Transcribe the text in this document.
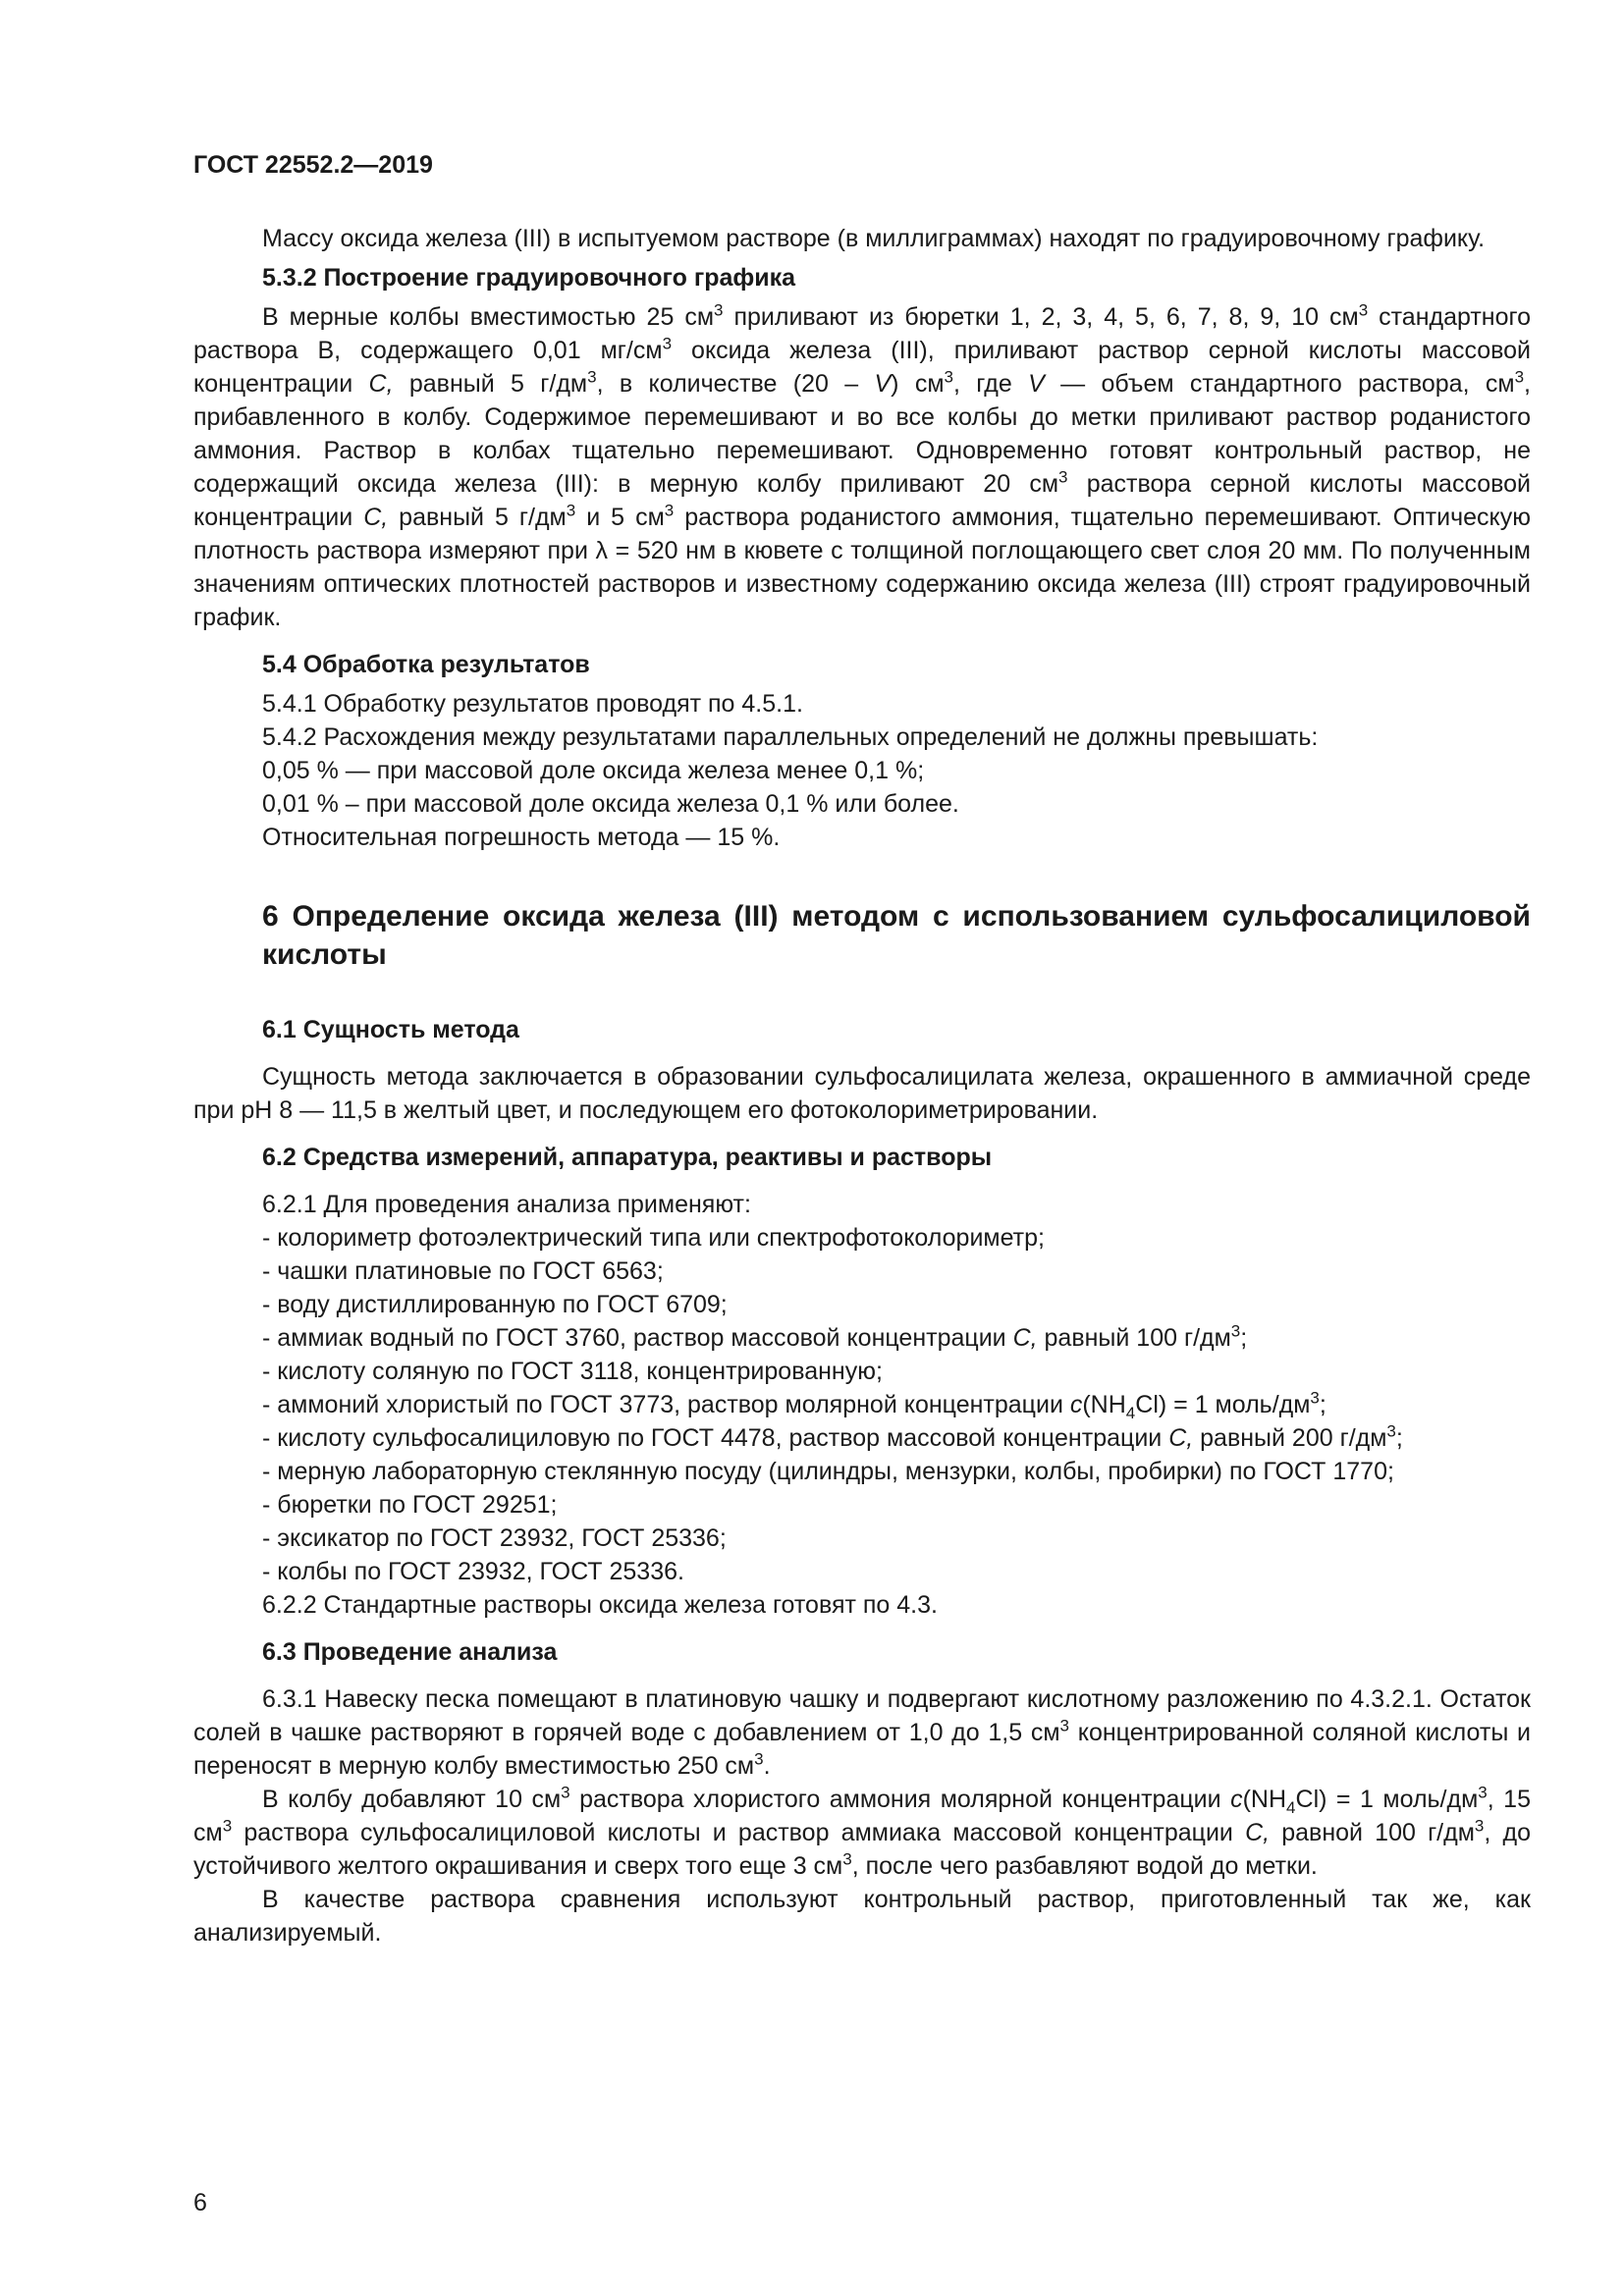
ГОСТ 22552.2—2019

Массу оксида железа (III) в испытуемом растворе (в миллиграммах) находят по градуировочному графику.

5.3.2 Построение градуировочного графика

В мерные колбы вместимостью 25 $см^3$ приливают из бюретки 1, 2, 3, 4, 5, 6, 7, 8, 9, 10 $см^3$ стандартного раствора В, содержащего 0,01 $мг/см^3$ оксида железа (III), приливают раствор серной кислоты массовой концентрации С, равный 5 $г/дм^3$, в количестве (20 – V) $см^3$, где V — объем стандартного раствора, $см^3$, прибавленного в колбу. Содержимое перемешивают и во все колбы до метки приливают раствор роданистого аммония. Раствор в колбах тщательно перемешивают. Одновременно готовят контрольный раствор, не содержащий оксида железа (III): в мерную колбу приливают 20 $см^3$ раствора серной кислоты массовой концентрации С, равный 5 $г/дм^3$ и 5 $см^3$ раствора роданистого аммония, тщательно перемешивают. Оптическую плотность раствора измеряют при λ = 520 нм в кювете с толщиной поглощающего свет слоя 20 мм. По полученным значениям оптических плотностей растворов и известному содержанию оксида железа (III) строят градуировочный график.

5.4 Обработка результатов

5.4.1 Обработку результатов проводят по 4.5.1.

5.4.2 Расхождения между результатами параллельных определений не должны превышать:

0,05 % — при массовой доле оксида железа менее 0,1 %;

0,01 % – при массовой доле оксида железа 0,1 % или более.

Относительная погрешность метода — 15 %.

6 Определение оксида железа (III) методом с использованием сульфосалициловой кислоты

6.1 Сущность метода

Сущность метода заключается в образовании сульфосалицилата железа, окрашенного в аммиачной среде при рН 8 — 11,5 в желтый цвет, и последующем его фотоколориметрировании.

6.2 Средства измерений, аппаратура, реактивы и растворы

6.2.1 Для проведения анализа применяют:

- колориметр фотоэлектрический типа или спектрофотоколориметр;

- чашки платиновые по ГОСТ 6563;

- воду дистиллированную по ГОСТ 6709;

- аммиак водный по ГОСТ 3760, раствор массовой концентрации С, равный 100 $г/дм^3$;

- кислоту соляную по ГОСТ 3118, концентрированную;

- аммоний хлористый по ГОСТ 3773, раствор молярной концентрации $с(NH_4Cl) = 1$ моль/$дм^3$;

- кислоту сульфосалициловую по ГОСТ 4478, раствор массовой концентрации С, равный 200 $г/дм^3$;

- мерную лабораторную стеклянную посуду (цилиндры, мензурки, колбы, пробирки) по ГОСТ 1770;

- бюретки по ГОСТ 29251;

- эксикатор по ГОСТ 23932, ГОСТ 25336;

- колбы по ГОСТ 23932, ГОСТ 25336.

6.2.2 Стандартные растворы оксида железа готовят по 4.3.

6.3 Проведение анализа

6.3.1 Навеску песка помещают в платиновую чашку и подвергают кислотному разложению по 4.3.2.1. Остаток солей в чашке растворяют в горячей воде с добавлением от 1,0 до 1,5 $см^3$ концентрированной соляной кислоты и переносят в мерную колбу вместимостью 250 $см^3$.

В колбу добавляют 10 $см^3$ раствора хлористого аммония молярной концентрации $с(NH_4Cl) = 1$ моль/$дм^3$, 15 $см^3$ раствора сульфосалициловой кислоты и раствор аммиака массовой концентрации С, равной 100 $г/дм^3$, до устойчивого желтого окрашивания и сверх того еще 3 $см^3$, после чего разбавляют водой до метки.

В качестве раствора сравнения используют контрольный раствор, приготовленный так же, как анализируемый.

6
